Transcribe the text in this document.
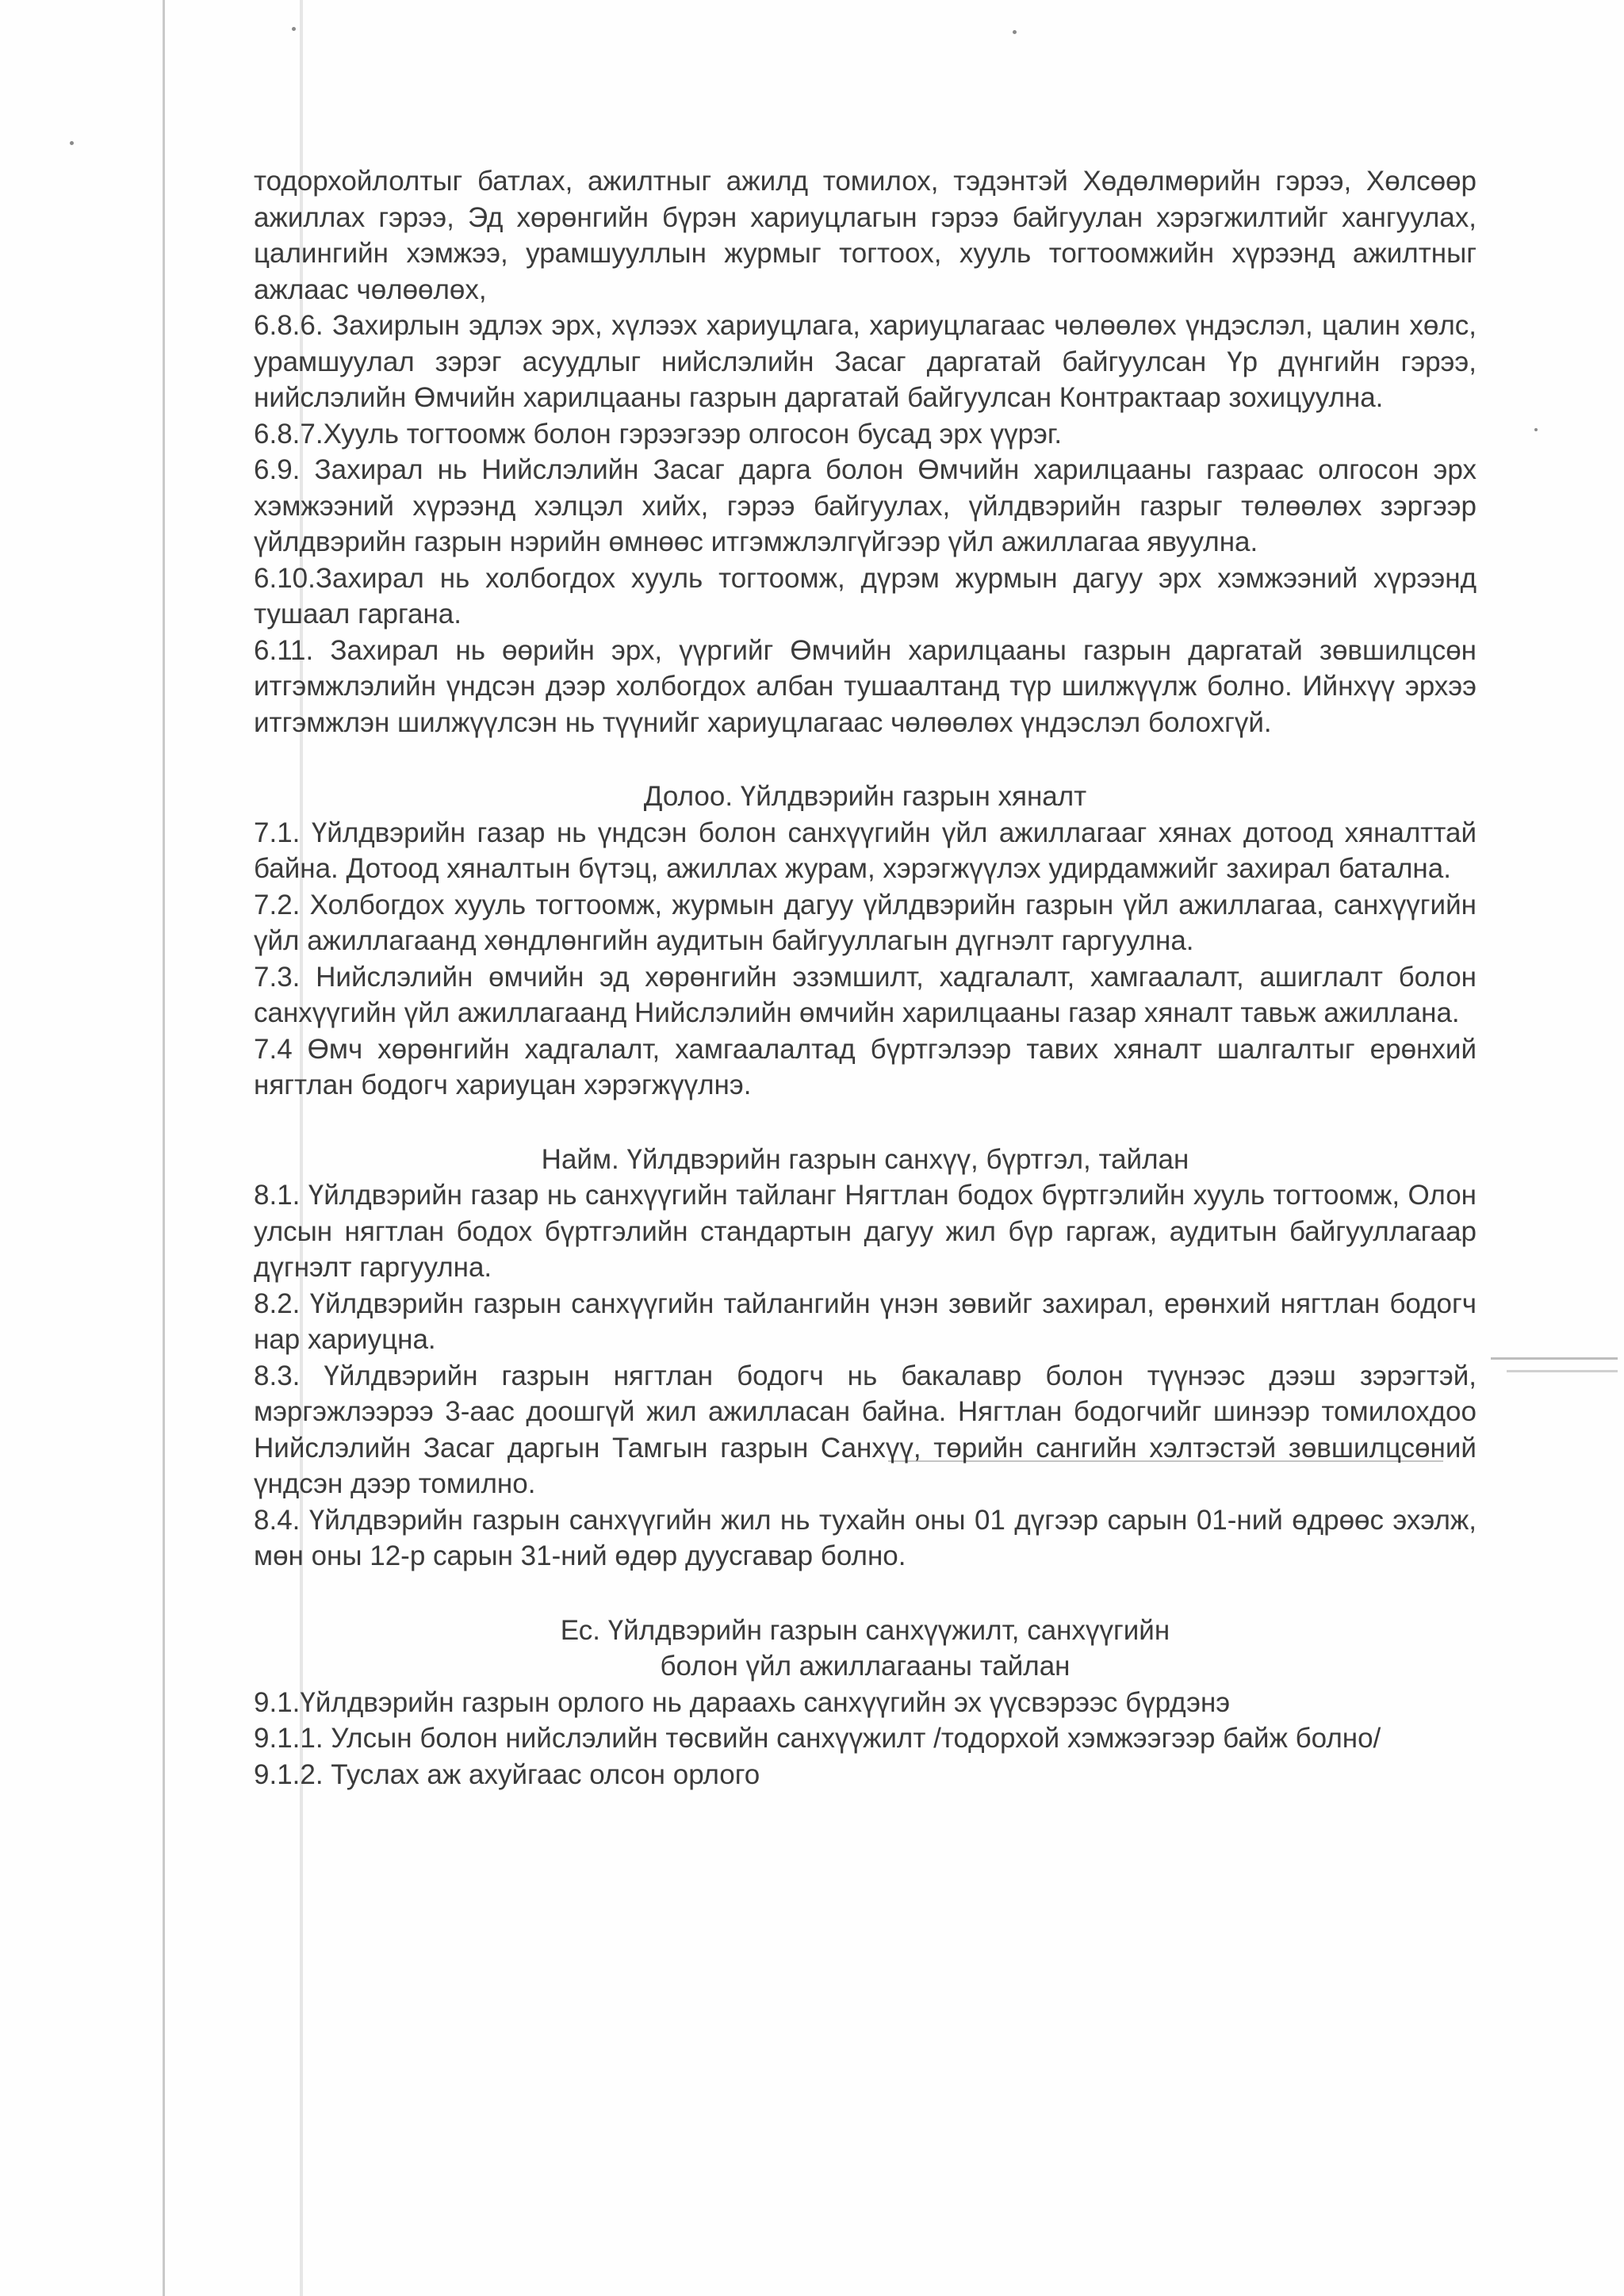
тодорхойлолтыг батлах, ажилтныг ажилд томилох, тэдэнтэй Хөдөлмөрийн гэрээ, Хөлсөөр ажиллах гэрээ, Эд хөрөнгийн бүрэн хариуцлагын гэрээ байгуулан хэрэгжилтийг хангуулах, цалингийн хэмжээ, урамшууллын журмыг тогтоох, хууль тогтоомжийн хүрээнд ажилтныг ажлаас чөлөөлөх,

6.8.6. Захирлын эдлэх эрх, хүлээх хариуцлага, хариуцлагаас чөлөөлөх үндэслэл, цалин хөлс, урамшуулал зэрэг асуудлыг нийслэлийн Засаг даргатай байгуулсан Үр дүнгийн гэрээ, нийслэлийн Өмчийн харилцааны газрын даргатай байгуулсан Контрактаар зохицуулна.

6.8.7.Хууль тогтоомж болон гэрээгээр олгосон бусад эрх үүрэг.

6.9. Захирал нь Нийслэлийн Засаг дарга болон Өмчийн харилцааны газраас олгосон эрх хэмжээний хүрээнд хэлцэл хийх, гэрээ байгуулах, үйлдвэрийн газрыг төлөөлөх зэргээр үйлдвэрийн газрын нэрийн өмнөөс итгэмжлэлгүйгээр үйл ажиллагаа явуулна.

6.10.Захирал нь холбогдох хууль тогтоомж, дүрэм журмын дагуу эрх хэмжээний хүрээнд тушаал гаргана.

6.11. Захирал нь өөрийн эрх, үүргийг Өмчийн харилцааны газрын даргатай зөвшилцсөн итгэмжлэлийн үндсэн дээр холбогдох албан тушаалтанд түр шилжүүлж болно. Ийнхүү эрхээ итгэмжлэн шилжүүлсэн нь түүнийг хариуцлагаас чөлөөлөх үндэслэл болохгүй.

Долоо. Үйлдвэрийн газрын хяналт

7.1. Үйлдвэрийн газар нь үндсэн болон санхүүгийн үйл ажиллагааг хянах дотоод хяналттай байна. Дотоод хяналтын бүтэц, ажиллах журам, хэрэгжүүлэх удирдамжийг захирал батална.

7.2. Холбогдох хууль тогтоомж, журмын дагуу үйлдвэрийн газрын үйл ажиллагаа, санхүүгийн үйл ажиллагаанд хөндлөнгийн аудитын байгууллагын дүгнэлт гаргуулна.

7.3. Нийслэлийн өмчийн эд хөрөнгийн эзэмшилт, хадгалалт, хамгаалалт, ашиглалт болон санхүүгийн үйл ажиллагаанд Нийслэлийн өмчийн харилцааны газар хяналт тавьж ажиллана.

7.4 Өмч хөрөнгийн хадгалалт, хамгаалалтад бүртгэлээр тавих хяналт шалгалтыг ерөнхий нягтлан бодогч хариуцан хэрэгжүүлнэ.

Найм. Үйлдвэрийн газрын санхүү, бүртгэл, тайлан

8.1. Үйлдвэрийн газар нь санхүүгийн тайланг Нягтлан бодох бүртгэлийн хууль тогтоомж, Олон улсын нягтлан бодох бүртгэлийн стандартын дагуу жил бүр гаргаж, аудитын байгууллагаар дүгнэлт гаргуулна.

8.2. Үйлдвэрийн газрын санхүүгийн тайлангийн үнэн зөвийг захирал, ерөнхий нягтлан бодогч нар хариуцна.

8.3. Үйлдвэрийн газрын нягтлан бодогч нь бакалавр болон түүнээс дээш зэрэгтэй, мэргэжлээрээ 3-аас доошгүй жил ажилласан байна. Нягтлан бодогчийг шинээр томилохдоо Нийслэлийн Засаг даргын Тамгын газрын Санхүү, төрийн сангийн хэлтэстэй зөвшилцсөний үндсэн дээр томилно.

8.4. Үйлдвэрийн газрын санхүүгийн жил нь тухайн оны 01 дүгээр сарын 01-ний өдрөөс эхэлж, мөн оны 12-р сарын 31-ний өдөр дуусгавар болно.

Ес. Үйлдвэрийн газрын санхүүжилт, санхүүгийн

болон үйл ажиллагааны тайлан

9.1.Үйлдвэрийн газрын орлого нь дараахь санхүүгийн эх үүсвэрээс бүрдэнэ

9.1.1. Улсын болон нийслэлийн төсвийн санхүүжилт /тодорхой хэмжээгээр байж болно/

9.1.2. Туслах аж ахуйгаас олсон орлого
